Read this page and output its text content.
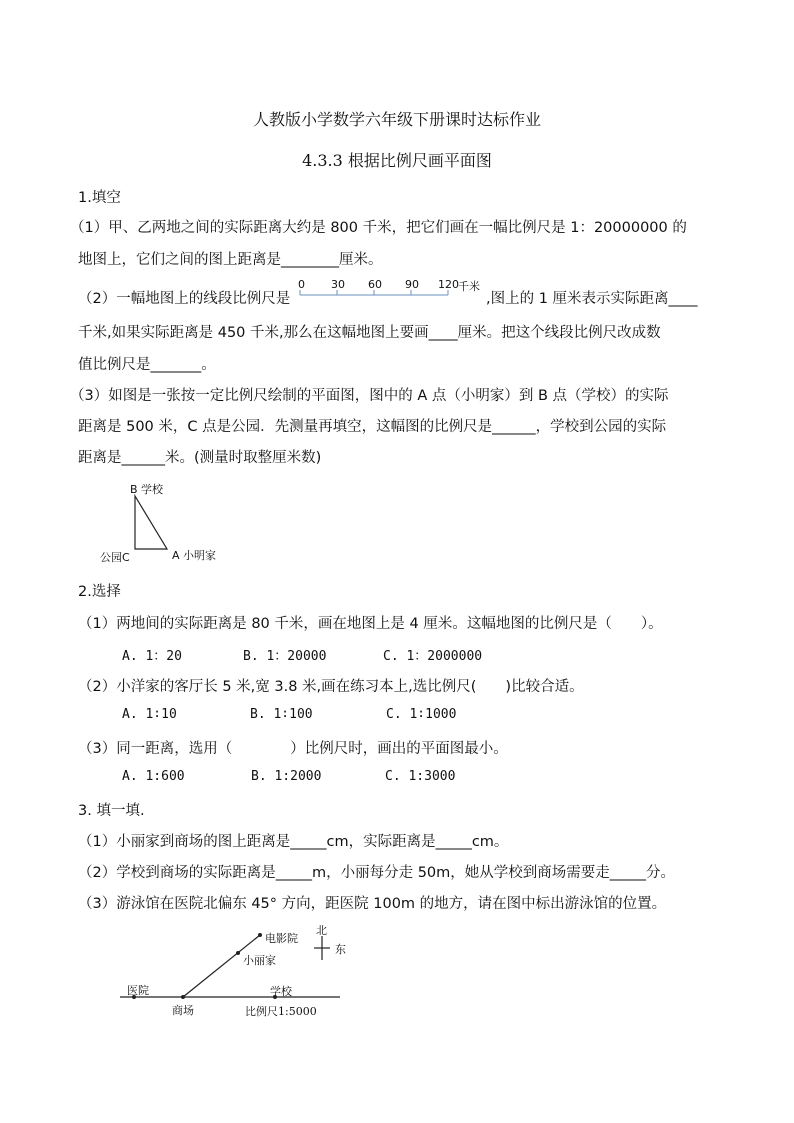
人教版小学数学六年级下册课时达标作业
4.3.3 根据比例尺画平面图
1.填空
（1）甲、乙两地之间的实际距离大约是 800 千米，把它们画在一幅比例尺是 1：20000000 的
地图上，它们之间的图上距离是________厘米。
（2）一幅地图上的线段比例尺是
0 30 60 90 120 千米
,图上的 1 厘米表示实际距离____
千米,如果实际距离是 450 千米,那么在这幅地图上要画____厘米。把这个线段比例尺改成数
值比例尺是_______。
（3）如图是一张按一定比例尺绘制的平面图，图中的 A 点（小明家）到 B 点（学校）的实际
距离是 500 米，C 点是公园．先测量再填空，这幅图的比例尺是______，学校到公园的实际
距离是______米。(测量时取整厘米数)
B 学校
公园C	A 小明家
2.选择
（1）两地间的实际距离是 80 千米，画在地图上是 4 厘米。这幅地图的比例尺是（　　）。
A. 1：20	B. 1：20000	C. 1：2000000
（2）小洋家的客厅长 5 米,宽 3.8 米,画在练习本上,选比例尺(　　)比较合适。
A. 1∶10	B. 1∶100	C. 1∶1000
（3）同一距离，选用（　　　　）比例尺时，画出的平面图最小。
A. 1:600	B. 1:2000	C. 1:3000
3. 填一填.
（1）小丽家到商场的图上距离是_____cm，实际距离是_____cm。
（2）学校到商场的实际距离是_____m，小丽每分走 50m，她从学校到商场需要走_____分。
（3）游泳馆在医院北偏东 45° 方向，距医院 100m 的地方，请在图中标出游泳馆的位置。
电影院
小丽家
北
东
医院
商场
学校
比例尺1:5000
